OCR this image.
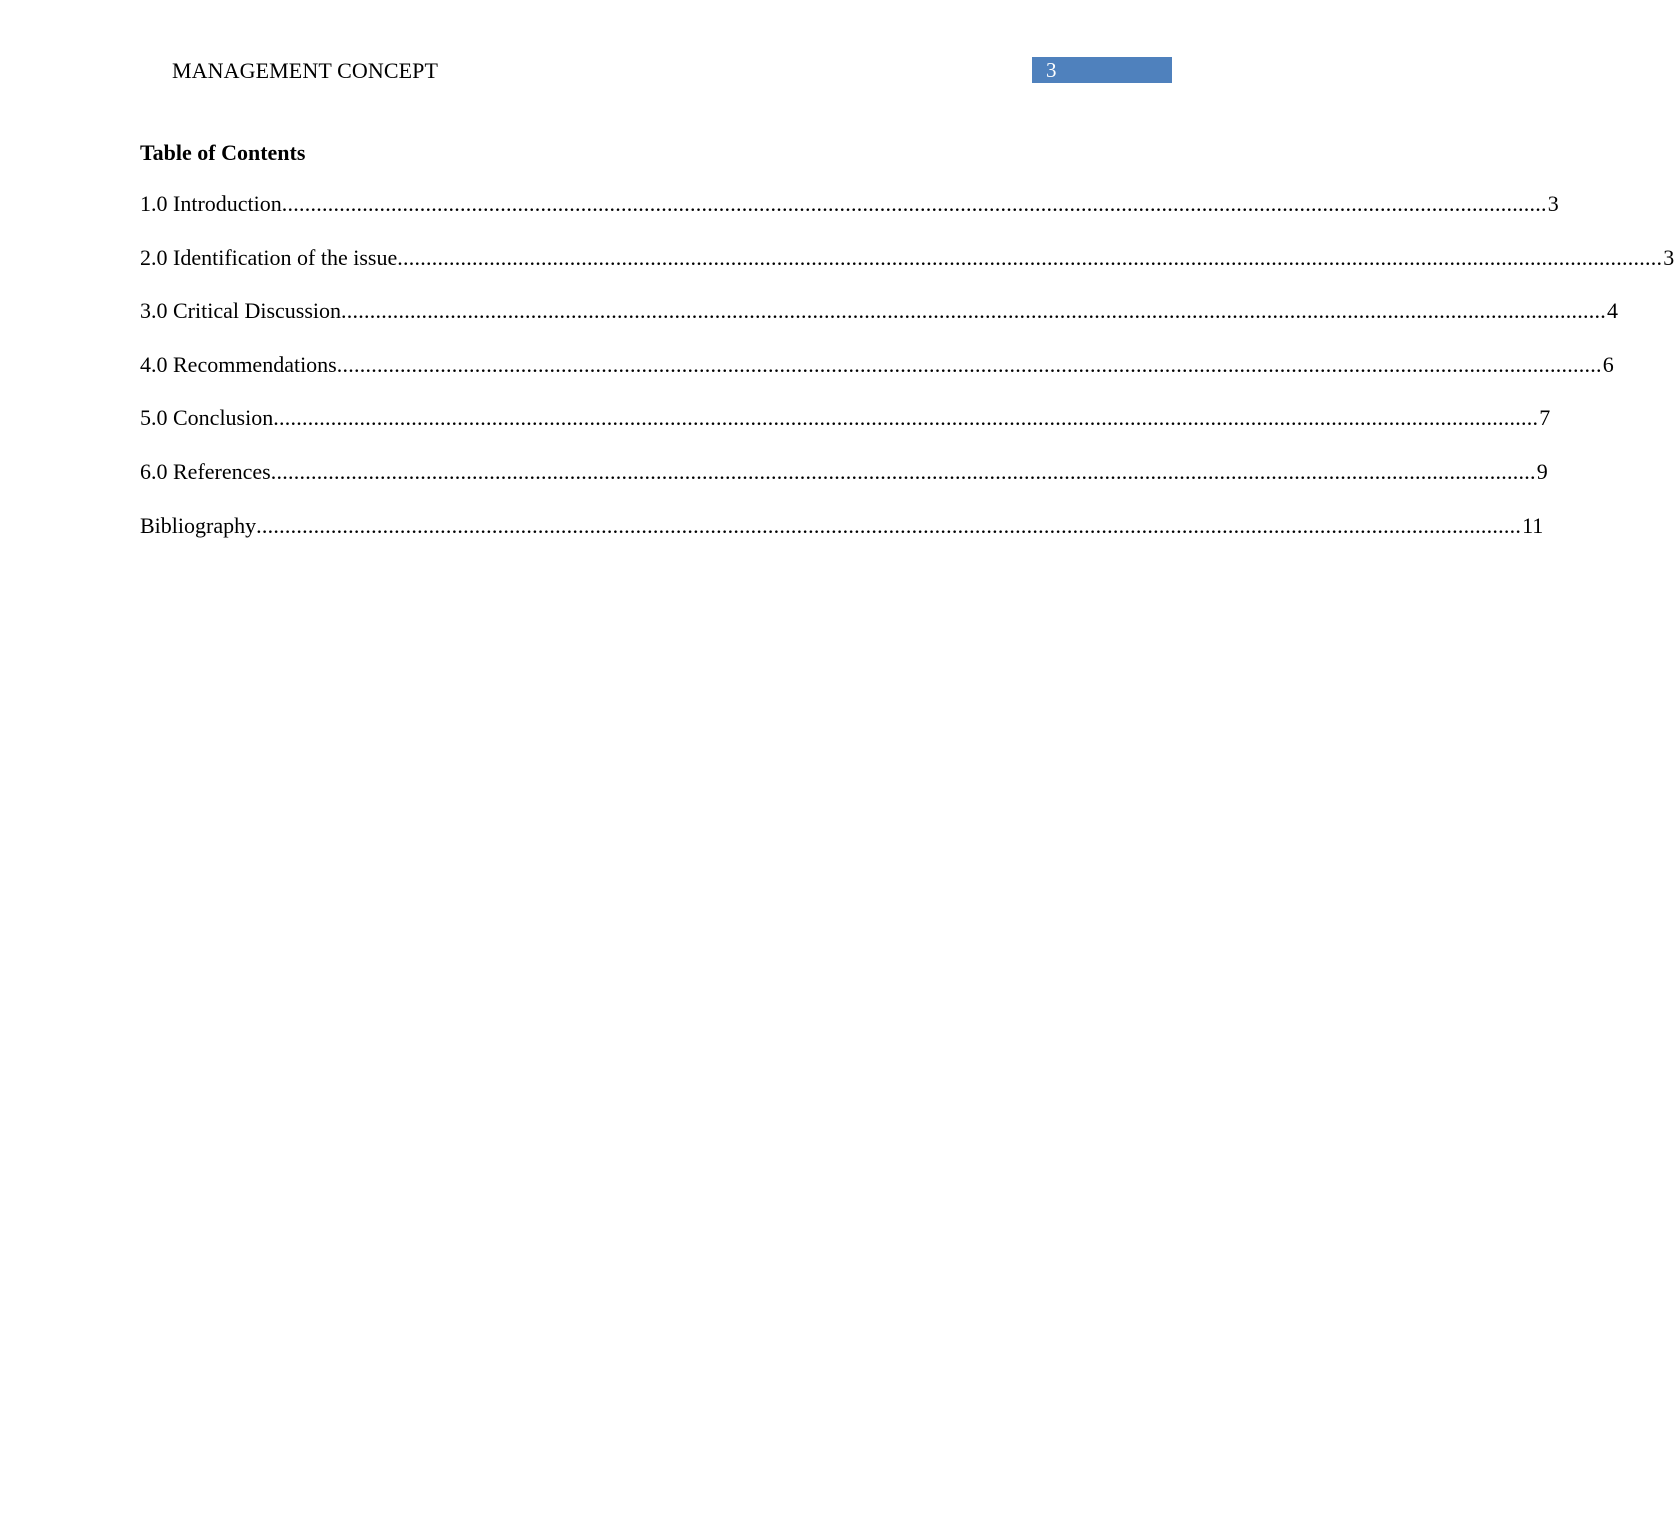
MANAGEMENT CONCEPT	3
Table of Contents
1.0 Introduction ............................................................................................................................................................................................................................ 3
2.0 Identification of the issue ............................................................................................................................................................................................................................ 3
3.0 Critical Discussion ............................................................................................................................................................................................................................ 4
4.0 Recommendations ............................................................................................................................................................................................................................ 6
5.0 Conclusion ............................................................................................................................................................................................................................ 7
6.0 References ............................................................................................................................................................................................................................ 9
Bibliography ............................................................................................................................................................................................................................ 11
